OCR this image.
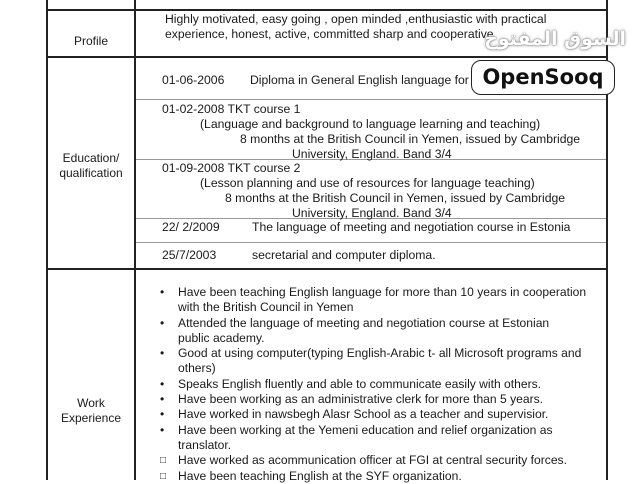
Profile
Highly motivated, easy going , open minded ,enthusiastic with practical
experience, honest, active, committed sharp and cooperative
Education/
qualification
01-06-2006 Diploma in General English language for
01-02-2008 TKT course 1
(Language and background to language learning and teaching)
8 months at the British Council in Yemen, issued by Cambridge
University, England. Band 3/4
01-09-2008 TKT course 2
(Lesson planning and use of resources for language teaching)
8 months at the British Council in Yemen, issued by Cambridge
University, England. Band 3/4
22/ 2/2009	The language of meeting and negotiation course in Estonia
25/7/2003	secretarial and computer diploma.
Work
Experience
• Have been teaching English language for more than 10 years in cooperation
with the British Council in Yemen
• Attended the language of meeting and negotiation course at Estonian
public academy.
• Good at using computer(typing English-Arabic t- all Microsoft programs and
others)
• Speaks English fluently and able to communicate easily with others.
• Have been working as an administrative clerk for more than 5 years.
• Have worked in nawsbegh Alasr School as a teacher and supervisior.
• Have been working at the Yemeni education and relief organization as
translator.
□ Have worked as acommunication officer at FGI at central security forces.
□ Have been teaching English at the SYF organization.
السوق المفتوح
OpenSooq
